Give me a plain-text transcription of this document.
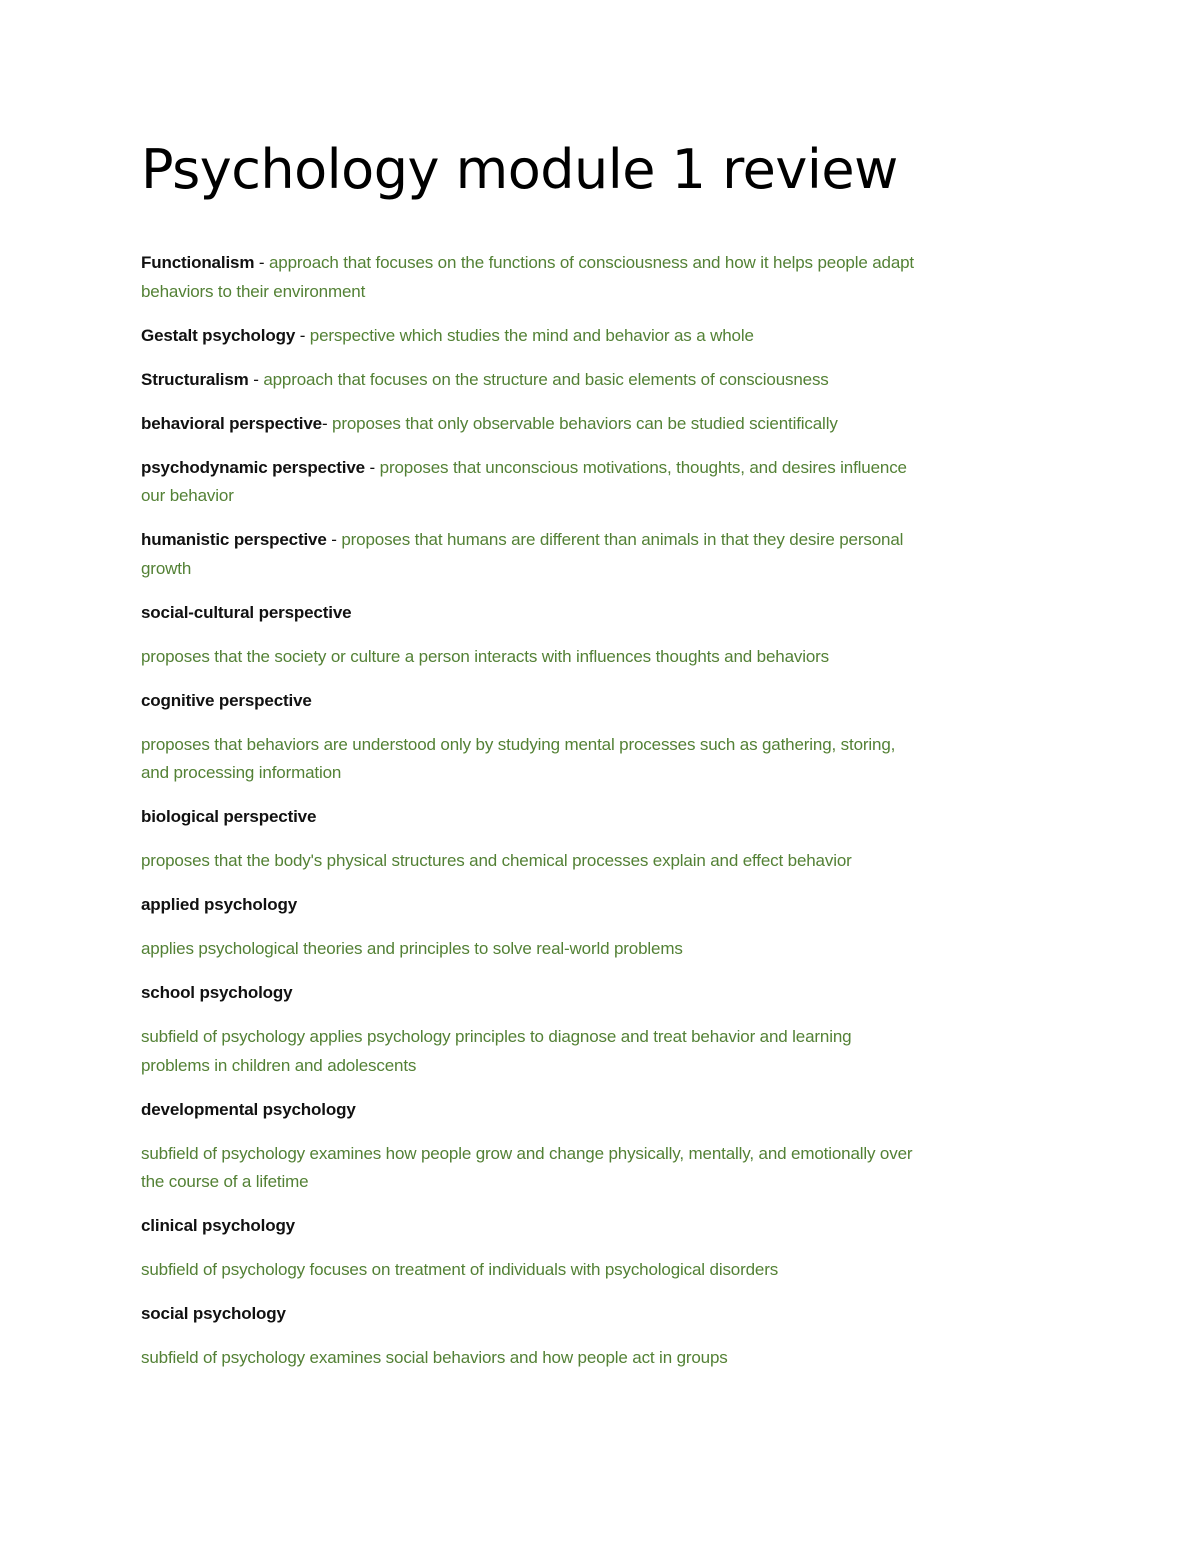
Psychology module 1 review

Functionalism - approach that focuses on the functions of consciousness and how it helps people adapt
behaviors to their environment

Gestalt psychology - perspective which studies the mind and behavior as a whole

Structuralism - approach that focuses on the structure and basic elements of consciousness

behavioral perspective- proposes that only observable behaviors can be studied scientifically

psychodynamic perspective - proposes that unconscious motivations, thoughts, and desires influence
our behavior

humanistic perspective - proposes that humans are different than animals in that they desire personal
growth

social-cultural perspective

proposes that the society or culture a person interacts with influences thoughts and behaviors

cognitive perspective

proposes that behaviors are understood only by studying mental processes such as gathering, storing,
and processing information

biological perspective

proposes that the body's physical structures and chemical processes explain and effect behavior

applied psychology

applies psychological theories and principles to solve real-world problems

school psychology

subfield of psychology applies psychology principles to diagnose and treat behavior and learning
problems in children and adolescents

developmental psychology

subfield of psychology examines how people grow and change physically, mentally, and emotionally over
the course of a lifetime

clinical psychology

subfield of psychology focuses on treatment of individuals with psychological disorders

social psychology

subfield of psychology examines social behaviors and how people act in groups
